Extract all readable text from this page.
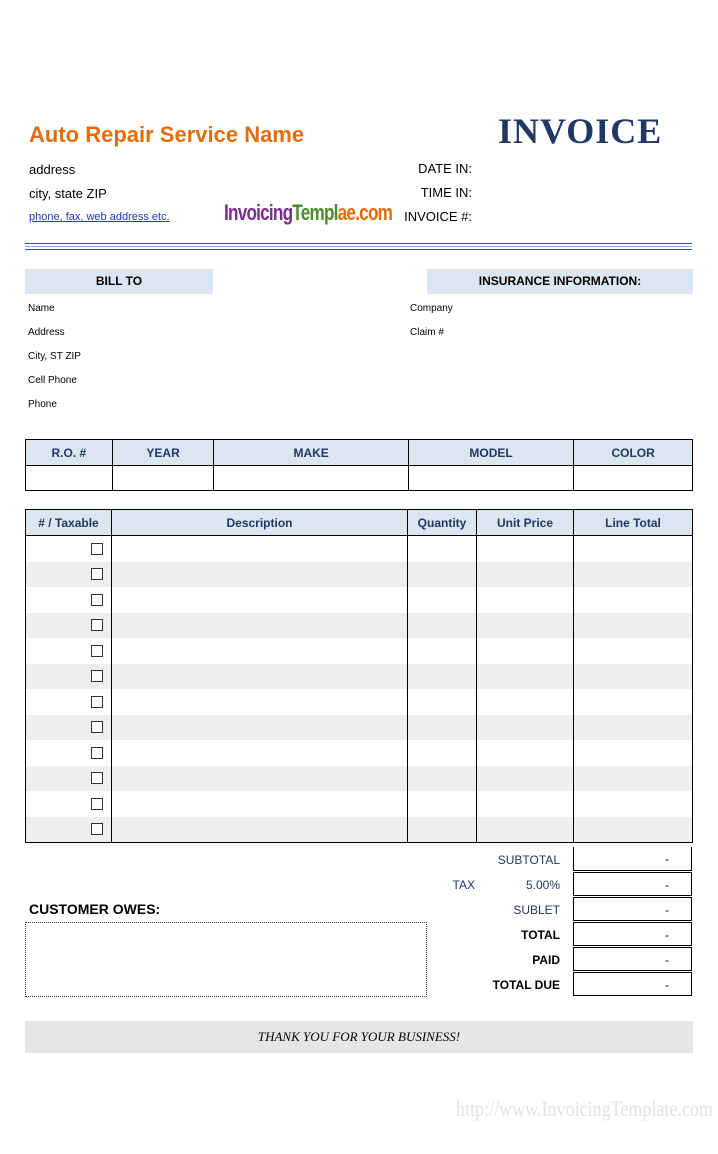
Auto Repair Service Name	INVOICE
address
city, state ZIP
phone, fax, web address etc. InvoicingTemplae.com
DATE IN:
TIME IN:
INVOICE #:
BILL TO
Name
Address
City, ST ZIP
Cell Phone
Phone
INSURANCE INFORMATION:
Company
Claim #
R.O. #	YEAR	MAKE	MODEL	COLOR

# / Taxable	Description	Quantity	Unit Price	Line Total

SUBTOTAL	-
TAX	5.00%	-
SUBLET	-
TOTAL	-
PAID	-
TOTAL DUE	-
CUSTOMER OWES:
THANK YOU FOR YOUR BUSINESS!
http://www.InvoicingTemplate.com
